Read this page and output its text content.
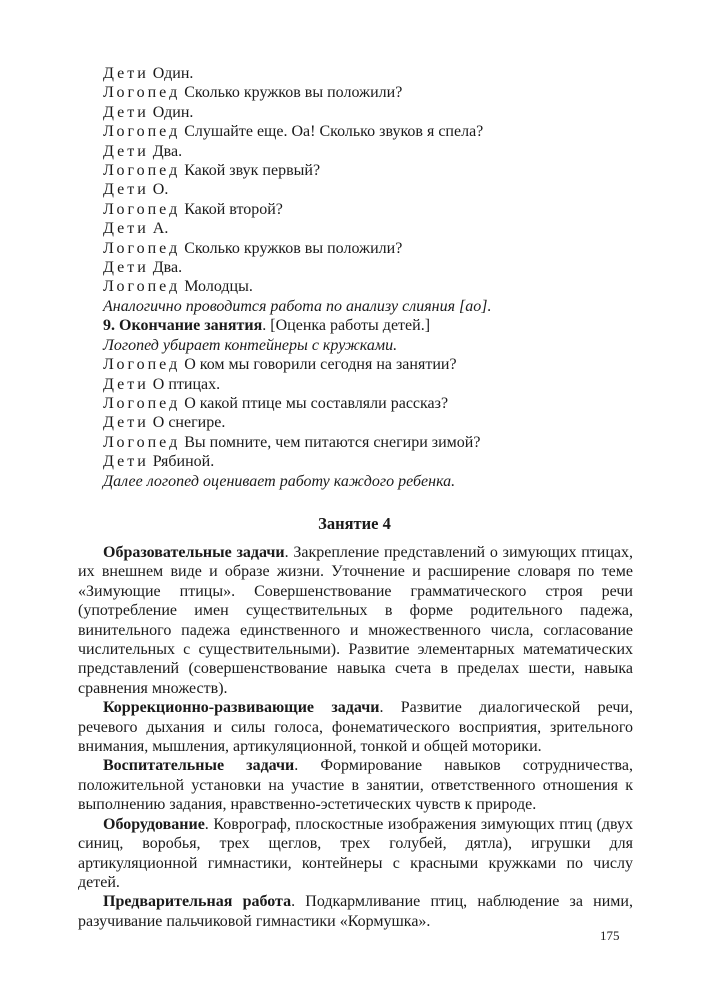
Дети Один.
Логопед Сколько кружков вы положили?
Дети Один.
Логопед Слушайте еще. Оа! Сколько звуков я спела?
Дети Два.
Логопед Какой звук первый?
Дети О.
Логопед Какой второй?
Дети А.
Логопед Сколько кружков вы положили?
Дети Два.
Логопед Молодцы.
Аналогично проводится работа по анализу слияния [ао].
9. Окончание занятия. [Оценка работы детей.]
Логопед убирает контейнеры с кружками.
Логопед О ком мы говорили сегодня на занятии?
Дети О птицах.
Логопед О какой птице мы составляли рассказ?
Дети О снегире.
Логопед Вы помните, чем питаются снегири зимой?
Дети Рябиной.
Далее логопед оценивает работу каждого ребенка.
Занятие 4

Образовательные задачи. Закрепление представлений о зимующих птицах, их внешнем виде и образе жизни. Уточнение и расширение словаря по теме «Зимующие птицы». Совершенствование грамматического строя речи (употребление имен существительных в форме родительного падежа, винительного падежа единственного и множественного числа, согласование числительных с существительными). Развитие элементарных математических представлений (совершенствование навыка счета в пределах шести, навыка сравнения множеств).

Коррекционно-развивающие задачи. Развитие диалогической речи, речевого дыхания и силы голоса, фонематического восприятия, зрительного внимания, мышления, артикуляционной, тонкой и общей моторики.

Воспитательные задачи. Формирование навыков сотрудничества, положительной установки на участие в занятии, ответственного отношения к выполнению задания, нравственно-эстетических чувств к природе.

Оборудование. Коврограф, плоскостные изображения зимующих птиц (двух синиц, воробья, трех щеглов, трех голубей, дятла), игрушки для артикуляционной гимнастики, контейнеры с красными кружками по числу детей.

Предварительная работа. Подкармливание птиц, наблюдение за ними, разучивание пальчиковой гимнастики «Кормушка».

175
